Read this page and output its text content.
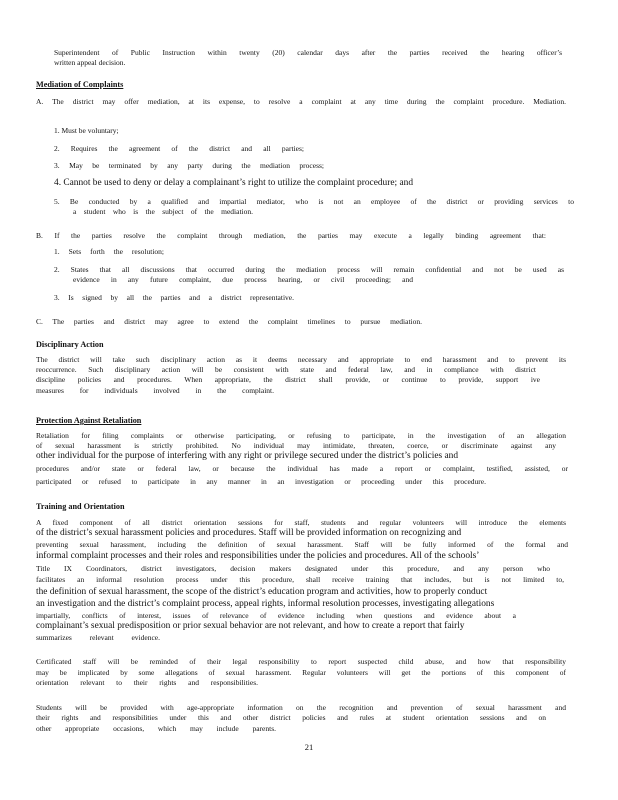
Superintendent of Public Instruction within twenty (20) calendar days after the parties received the hearing officer’s
written appeal decision.
A. The district may offer mediation, at its expense, to resolve a complaint at any time during the complaint procedure. Mediation.
1. Must be voluntary;
2. Requires the agreement of the district and all parties;
3. May be terminated by any party during the mediation process;
4. Cannot be used to deny or delay a complainant’s right to utilize the complaint procedure; and
5. Be conducted by a qualified and impartial mediator, who is not an employee of the district or providing services to
a student who is the subject of the mediation.
B. If the parties resolve the complaint through mediation, the parties may execute a legally binding agreement that:
1. Sets forth the resolution;
2. States that all discussions that occurred during the mediation process will remain confidential and not be used as
evidence in any future complaint, due process hearing, or civil proceeding; and
3. Is signed by all the parties and a district representative.
C. The parties and district may agree to extend the complaint timelines to pursue mediation.
The district will take such disciplinary action as it deems necessary and appropriate to end harassment and to prevent its
reoccurrence. Such disciplinary action will be consistent with state and federal law, and in compliance with district
discipline policies and procedures. When appropriate, the district shall provide, or continue to provide, support ive
measures for individuals involved in the complaint.
Retaliation for filing complaints or otherwise participating, or refusing to participate, in the investigation of an allegation
of sexual harassment is strictly prohibited. No individual may intimidate, threaten, coerce, or discriminate against any
other individual for the purpose of interfering with any right or privilege secured under the district’s policies and
procedures and/or state or federal law, or because the individual has made a report or complaint, testified, assisted, or
participated or refused to participate in any manner in an investigation or proceeding under this procedure.
A fixed component of all district orientation sessions for staff, students and regular volunteers will introduce the elements
of the district’s sexual harassment policies and procedures. Staff will be provided information on recognizing and
preventing sexual harassment, including the definition of sexual harassment. Staff will be fully informed of the formal and
informal complaint processes and their roles and responsibilities under the policies and procedures. All of the schools’
Title IX Coordinators, district investigators, decision makers designated under this procedure, and any person who
facilitates an informal resolution process under this procedure, shall receive training that includes, but is not limited to,
the definition of sexual harassment, the scope of the district’s education program and activities, how to properly conduct
an investigation and the district’s complaint process, appeal rights, informal resolution processes, investigating allegations
impartially, conflicts of interest, issues of relevance of evidence including when questions and evidence about a
complainant’s sexual predisposition or prior sexual behavior are not relevant, and how to create a report that fairly
summarizes relevant evidence.
Certificated staff will be reminded of their legal responsibility to report suspected child abuse, and how that responsibility
may be implicated by some allegations of sexual harassment. Regular volunteers will get the portions of this component of
orientation relevant to their rights and responsibilities.
Students will be provided with age-appropriate information on the recognition and prevention of sexual harassment and
their rights and responsibilities under this and other district policies and rules at student orientation sessions and on
other appropriate occasions, which may include parents.
Mediation of Complaints
Disciplinary Action
Protection Against Retaliation
Training and Orientation
21
